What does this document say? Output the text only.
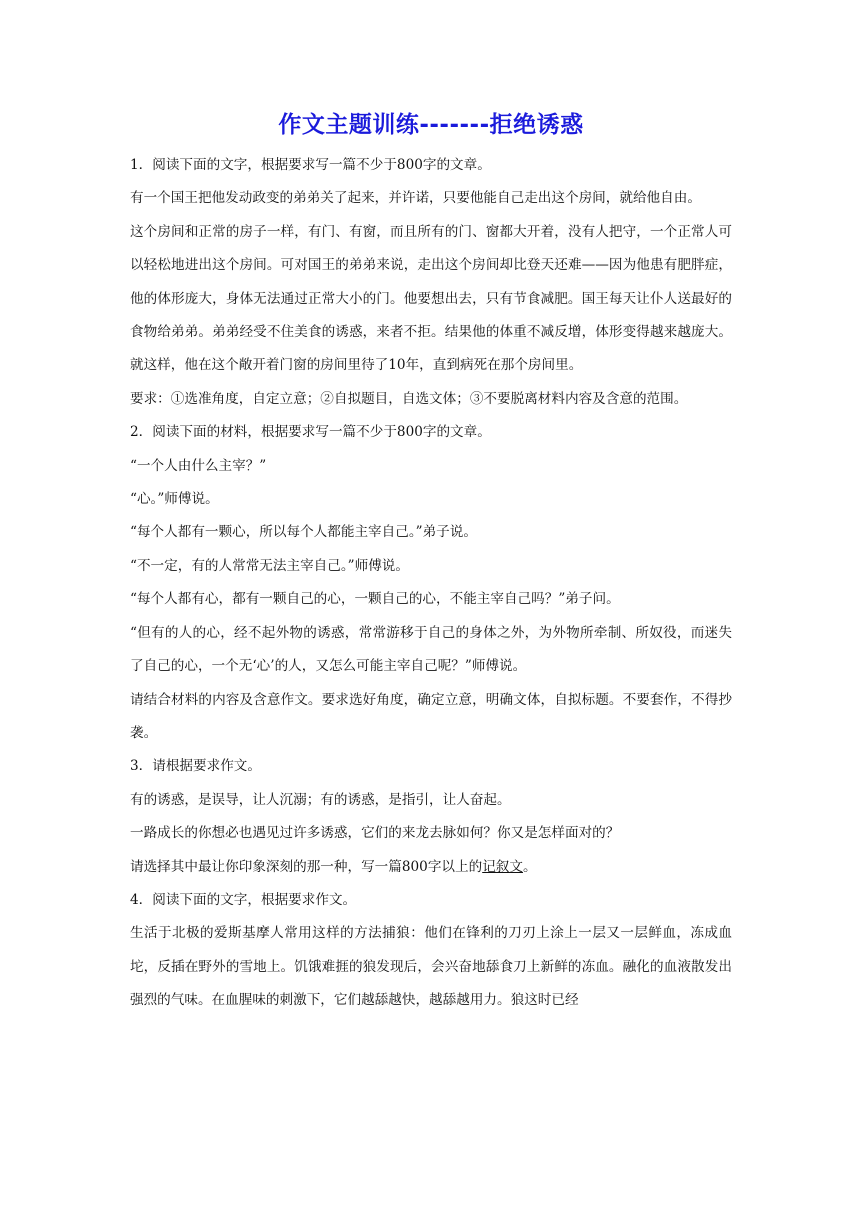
作文主题训练-------拒绝诱惑

1．阅读下面的文字，根据要求写一篇不少于800字的文章。

有一个国王把他发动政变的弟弟关了起来，并许诺，只要他能自己走出这个房间，就给他自由。

这个房间和正常的房子一样，有门、有窗，而且所有的门、窗都大开着，没有人把守，一个正常人可以轻松地进出这个房间。可对国王的弟弟来说，走出这个房间却比登天还难——因为他患有肥胖症，他的体形庞大，身体无法通过正常大小的门。他要想出去，只有节食减肥。国王每天让仆人送最好的食物给弟弟。弟弟经受不住美食的诱惑，来者不拒。结果他的体重不减反增，体形变得越来越庞大。就这样，他在这个敞开着门窗的房间里待了10年，直到病死在那个房间里。

要求：①选准角度，自定立意；②自拟题目，自选文体；③不要脱离材料内容及含意的范围。

2．阅读下面的材料，根据要求写一篇不少于800字的文章。

“一个人由什么主宰？”

“心。”师傅说。

“每个人都有一颗心，所以每个人都能主宰自己。”弟子说。

“不一定，有的人常常无法主宰自己。”师傅说。

“每个人都有心，都有一颗自己的心，一颗自己的心，不能主宰自己吗？”弟子问。

“但有的人的心，经不起外物的诱惑，常常游移于自己的身体之外，为外物所牵制、所奴役，而迷失了自己的心，一个无‘心’的人，又怎么可能主宰自己呢？”师傅说。

请结合材料的内容及含意作文。要求选好角度，确定立意，明确文体，自拟标题。不要套作，不得抄袭。

3．请根据要求作文。

有的诱惑，是误导，让人沉溺；有的诱惑，是指引，让人奋起。

一路成长的你想必也遇见过许多诱惑，它们的来龙去脉如何？你又是怎样面对的？

请选择其中最让你印象深刻的那一种，写一篇800字以上的记叙文。

4．阅读下面的文字，根据要求作文。

生活于北极的爱斯基摩人常用这样的方法捕狼：他们在锋利的刀刃上涂上一层又一层鲜血，冻成血坨，反插在野外的雪地上。饥饿难捱的狼发现后，会兴奋地舔食刀上新鲜的冻血。融化的血液散发出强烈的气味。在血腥味的刺激下，它们越舔越快，越舔越用力。狼这时已经
